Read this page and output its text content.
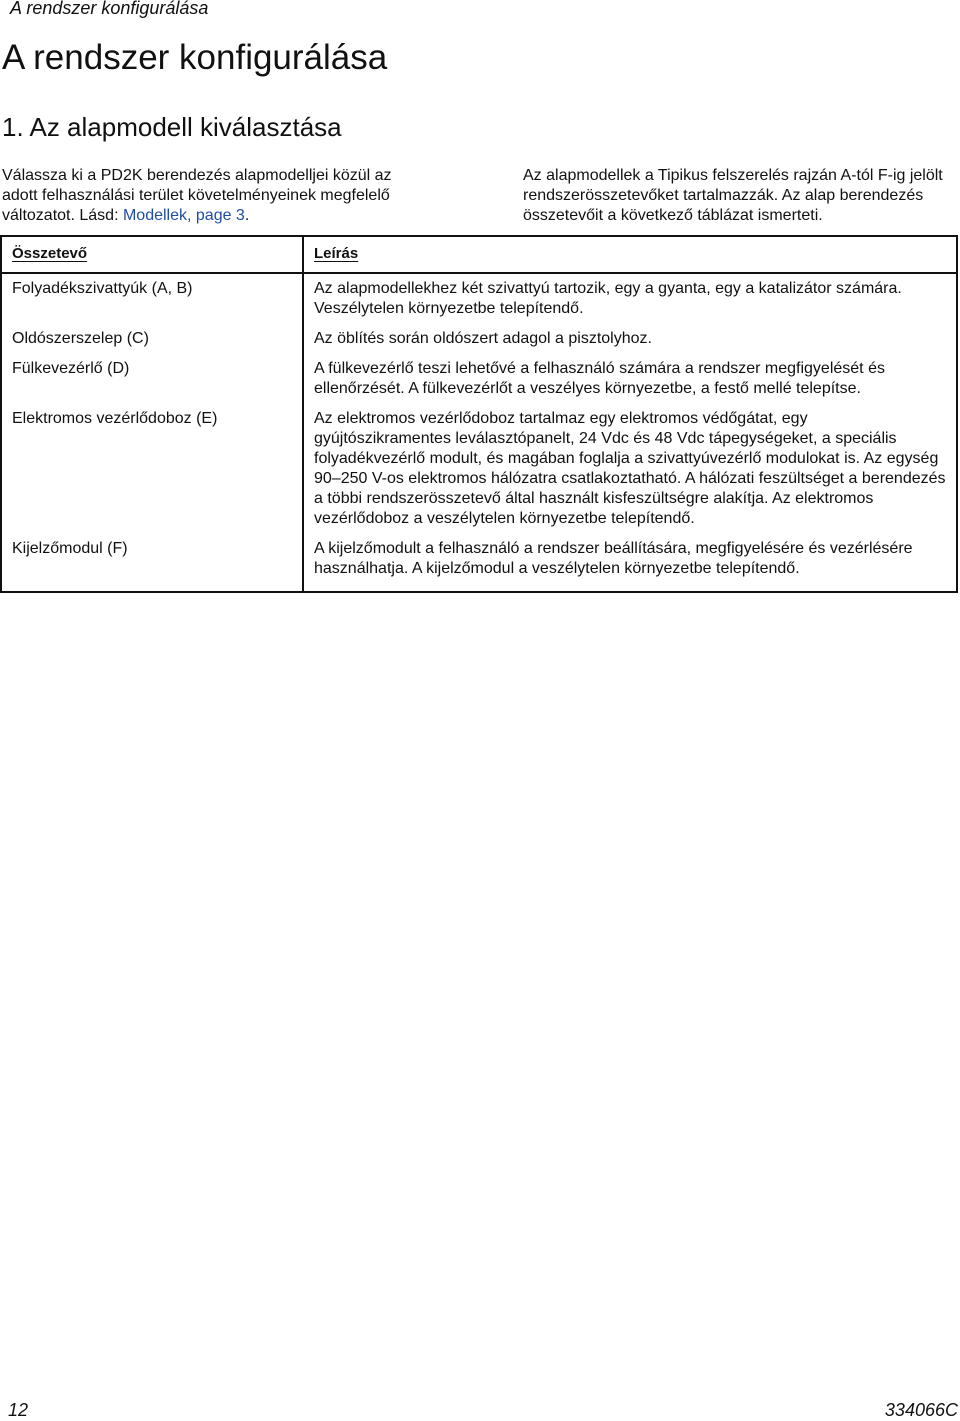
A rendszer konfigurálása
A rendszer konfigurálása
1. Az alapmodell kiválasztása
Válassza ki a PD2K berendezés alapmodelljei közül az adott felhasználási terület követelményeinek megfelelő változatot. Lásd: Modellek, page 3.
Az alapmodellek a Tipikus felszerelés rajzán A-tól F-ig jelölt rendszerösszetevőket tartalmazzák. Az alap berendezés összetevőit a következő táblázat ismerteti.
Összetevő	Leírás
Folyadékszivattyúk (A, B)	Az alapmodellekhez két szivattyú tartozik, egy a gyanta, egy a katalizátor számára. Veszélytelen környezetbe telepítendő.
Oldószerszelep (C)	Az öblítés során oldószert adagol a pisztolyhoz.
Fülkevezérlő (D)	A fülkevezérlő teszi lehetővé a felhasználó számára a rendszer megfigyelését és ellenőrzését. A fülkevezérlőt a veszélyes környezetbe, a festő mellé telepítse.
Elektromos vezérlődoboz (E)	Az elektromos vezérlődoboz tartalmaz egy elektromos védőgátat, egy gyújtószikramentes leválasztópanelt, 24 Vdc és 48 Vdc tápegységeket, a speciális folyadékvezérlő modult, és magában foglalja a szivattyúvezérlő modulokat is. Az egység 90–250 V-os elektromos hálózatra csatlakoztatható. A hálózati feszültséget a berendezés a többi rendszerösszetevő által használt kisfeszültségre alakítja. Az elektromos vezérlődoboz a veszélytelen környezetbe telepítendő.
Kijelzőmodul (F)	A kijelzőmodult a felhasználó a rendszer beállítására, megfigyelésére és vezérlésére használhatja. A kijelzőmodul a veszélytelen környezetbe telepítendő.
12	334066C
